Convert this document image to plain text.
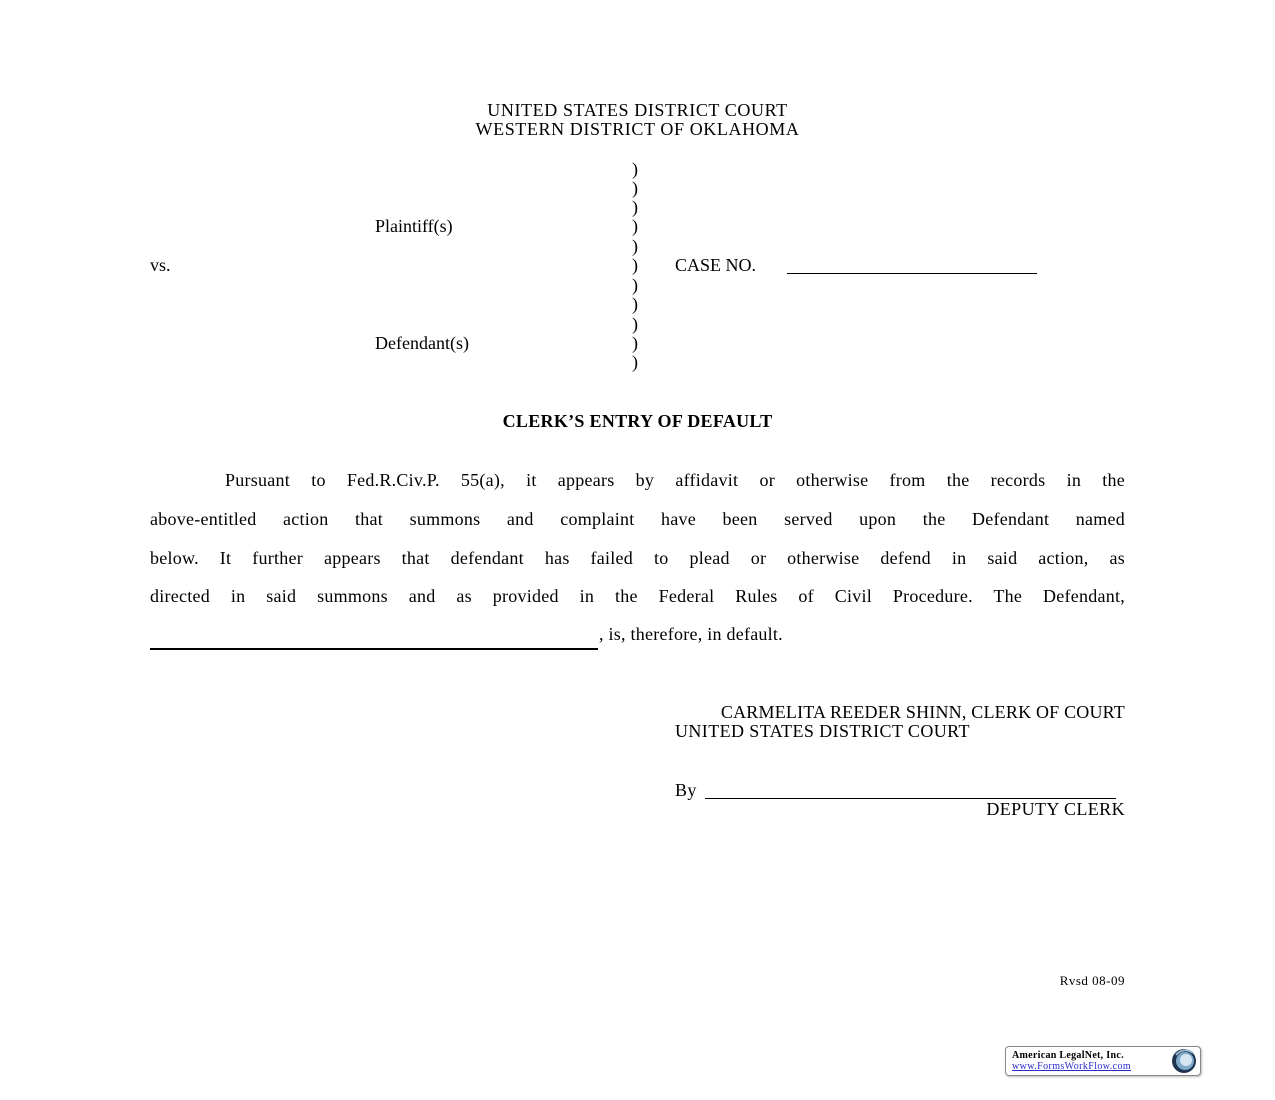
UNITED STATES DISTRICT COURT
WESTERN DISTRICT OF OKLAHOMA
Plaintiff(s)
vs.
Defendant(s)
)
)
)
)
)
)
)
)
)
)
)
CASE NO.
CLERK’S ENTRY OF DEFAULT
Pursuant to Fed.R.Civ.P. 55(a), it appears by affidavit or otherwise from the records in the
above-entitled action that summons and complaint have been served upon the Defendant named
below. It further appears that defendant has failed to plead or otherwise defend in said action, as
directed in said summons and as provided in the Federal Rules of Civil Procedure. The Defendant,
, is, therefore, in default.
CARMELITA REEDER SHINN, CLERK OF COURT
UNITED STATES DISTRICT COURT
By
DEPUTY CLERK
Rvsd 08-09
American LegalNet, Inc.
www.FormsWorkFlow.com
